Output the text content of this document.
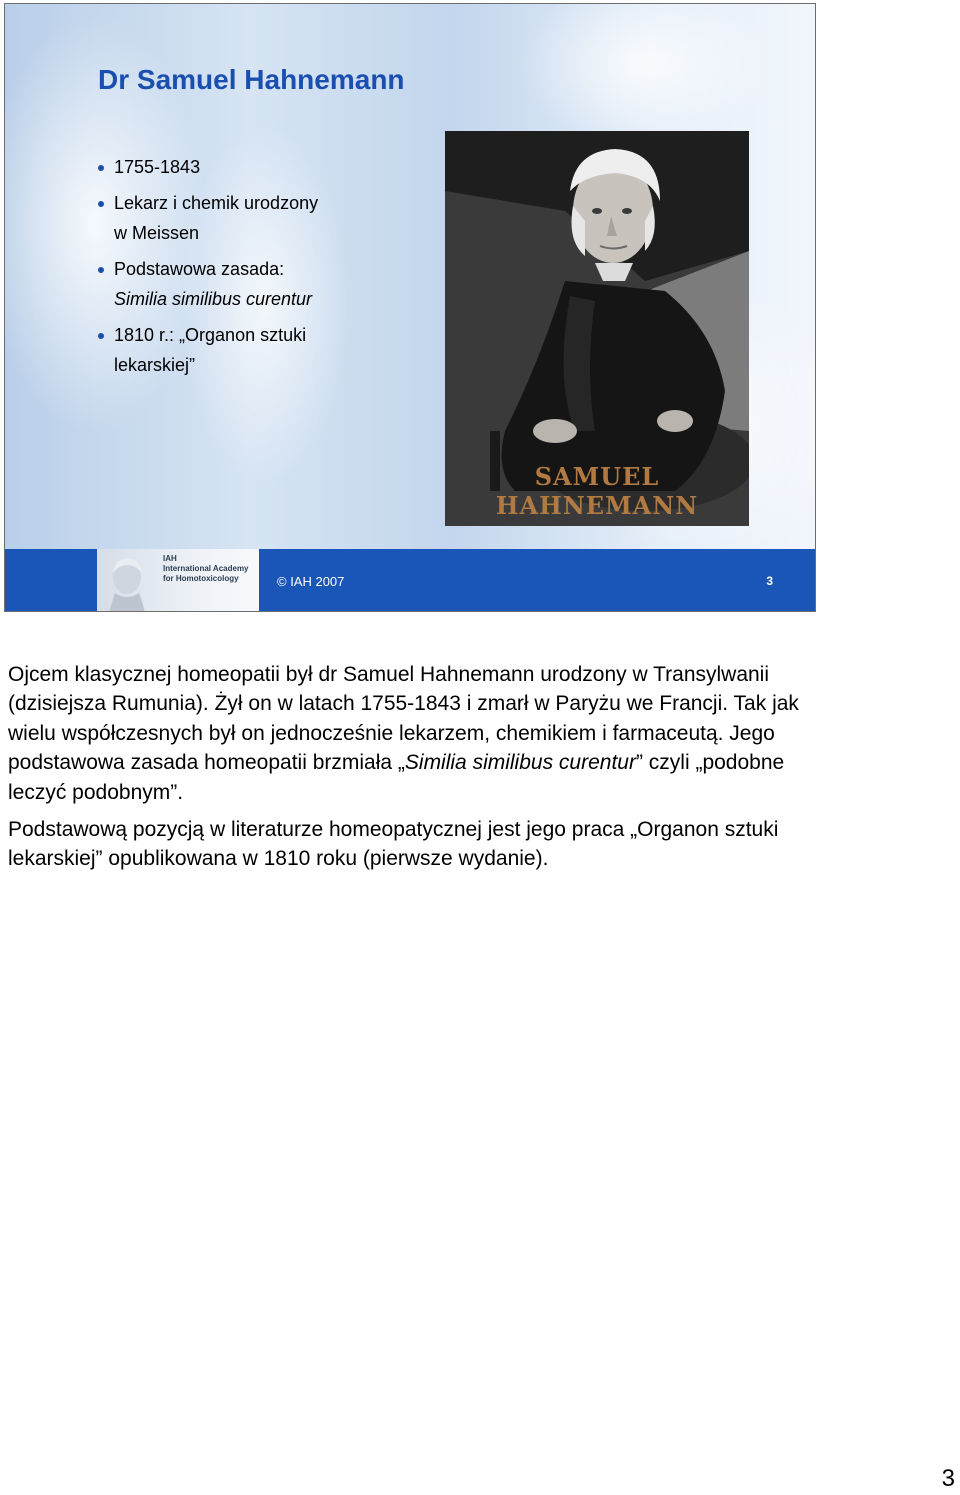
Dr Samuel Hahnemann
1755-1843
Lekarz i chemik urodzony
w Meissen
Podstawowa zasada:
Similia similibus curentur
1810 r.: „Organon sztuki
lekarskiej”
SAMUEL HAHNEMANN
IAH
International Academy
for Homotoxicology	© IAH 2007	3

Ojcem klasycznej homeopatii był dr Samuel Hahnemann urodzony w Transylwanii (dzisiejsza Rumunia). Żył on w latach 1755-1843 i zmarł w Paryżu we Francji. Tak jak wielu współczesnych był on jednocześnie lekarzem, chemikiem i farmaceutą. Jego podstawowa zasada homeopatii brzmiała „Similia similibus curentur” czyli „podobne leczyć podobnym”.

Podstawową pozycją w literaturze homeopatycznej jest jego praca „Organon sztuki lekarskiej” opublikowana w 1810 roku (pierwsze wydanie).

3
